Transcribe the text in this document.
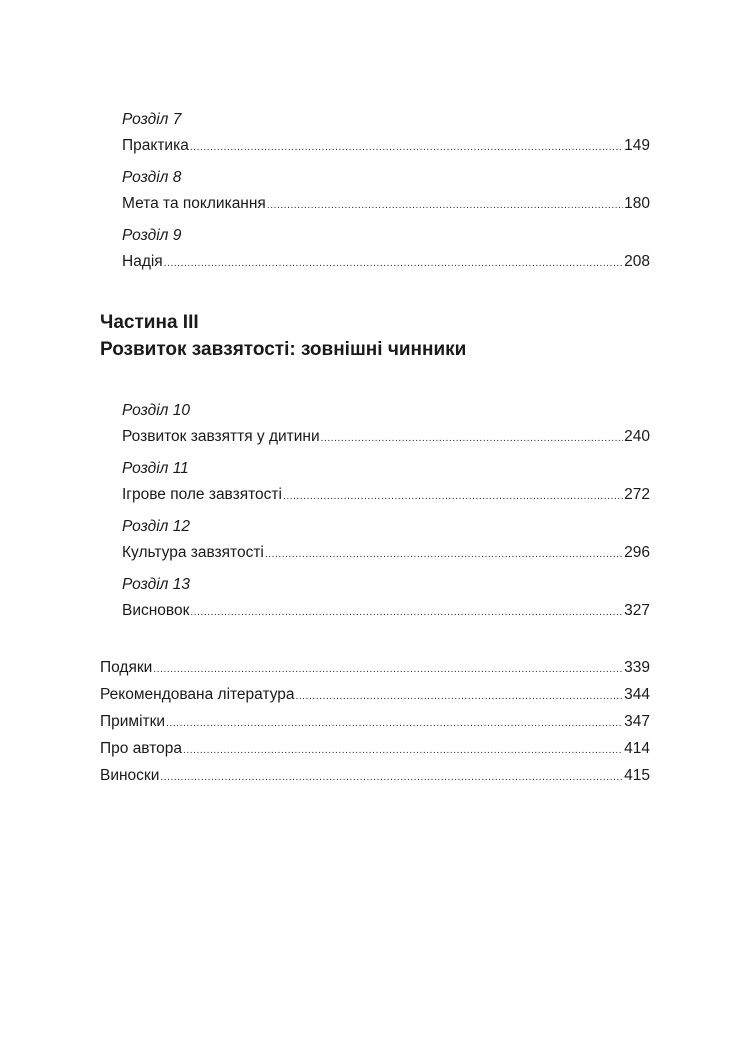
Розділ 7
Практика .....	149
Розділ 8
Мета та покликання .....	180
Розділ 9
Надія .....	208
Частина III
Розвиток завзятості: зовнішні чинники
Розділ 10
Розвиток завзяття у дитини .....	240
Розділ 11
Ігрове поле завзятості .....	272
Розділ 12
Культура завзятості .....	296
Розділ 13
Висновок .....	327
Подяки .....	339
Рекомендована література .....	344
Примітки .....	347
Про автора .....	414
Виноски .....	415
